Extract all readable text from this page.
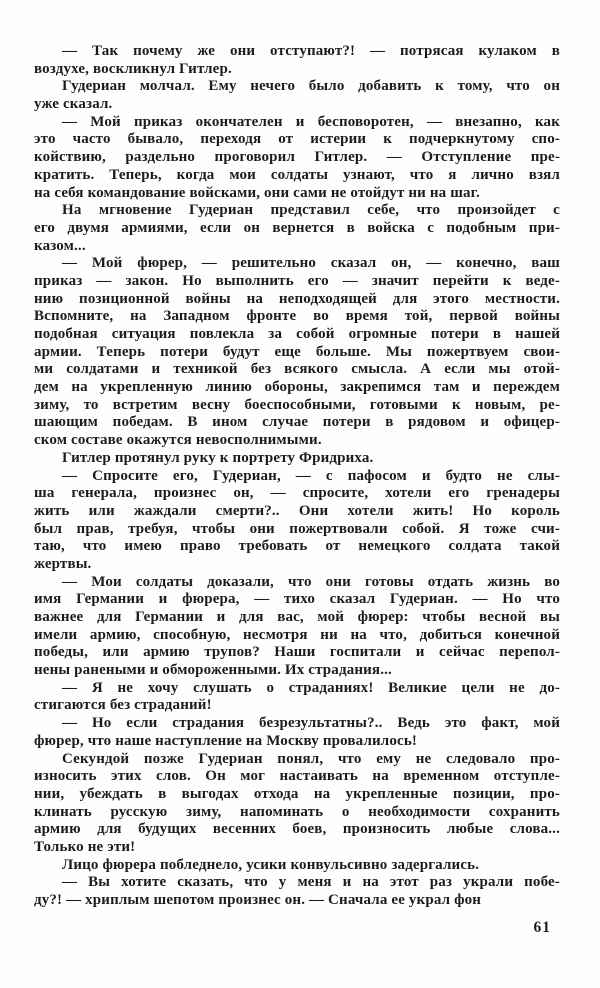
— Так почему же они отступают?! — потрясая кулаком в
воздухе, воскликнул Гитлер.
Гудериан молчал. Ему нечего было добавить к тому, что он
уже сказал.
— Мой приказ окончателен и бесповоротен, — внезапно, как
это часто бывало, переходя от истерии к подчеркнутому спо-
койствию, раздельно проговорил Гитлер. — Отступление пре-
кратить. Теперь, когда мои солдаты узнают, что я лично взял
на себя командование войсками, они сами не отойдут ни на шаг.
На мгновение Гудериан представил себе, что произойдет с
его двумя армиями, если он вернется в войска с подобным при-
казом...
— Мой фюрер, — решительно сказал он, — конечно, ваш
приказ — закон. Но выполнить его — значит перейти к веде-
нию позиционной войны на неподходящей для этого местности.
Вспомните, на Западном фронте во время той, первой войны
подобная ситуация повлекла за собой огромные потери в нашей
армии. Теперь потери будут еще больше. Мы пожертвуем свои-
ми солдатами и техникой без всякого смысла. А если мы отой-
дем на укрепленную линию обороны, закрепимся там и переждем
зиму, то встретим весну боеспособными, готовыми к новым, ре-
шающим победам. В ином случае потери в рядовом и офицер-
ском составе окажутся невосполнимыми.
Гитлер протянул руку к портрету Фридриха.
— Спросите его, Гудериан, — с пафосом и будто не слы-
ша генерала, произнес он, — спросите, хотели его гренадеры
жить или жаждали смерти?.. Они хотели жить! Но король
был прав, требуя, чтобы они пожертвовали собой. Я тоже счи-
таю, что имею право требовать от немецкого солдата такой
жертвы.
— Мои солдаты доказали, что они готовы отдать жизнь во
имя Германии и фюрера, — тихо сказал Гудериан. — Но что
важнее для Германии и для вас, мой фюрер: чтобы весной вы
имели армию, способную, несмотря ни на что, добиться конечной
победы, или армию трупов? Наши госпитали и сейчас перепол-
нены ранеными и обмороженными. Их страдания...
— Я не хочу слушать о страданиях! Великие цели не до-
стигаются без страданий!
— Но если страдания безрезультатны?.. Ведь это факт, мой
фюрер, что наше наступление на Москву провалилось!
Секундой позже Гудериан понял, что ему не следовало про-
износить этих слов. Он мог настаивать на временном отступле-
нии, убеждать в выгодах отхода на укрепленные позиции, про-
клинать русскую зиму, напоминать о необходимости сохранить
армию для будущих весенних боев, произносить любые слова...
Только не эти!
Лицо фюрера побледнело, усики конвульсивно задергались.
— Вы хотите сказать, что у меня и на этот раз украли побе-
ду?! — хриплым шепотом произнес он. — Сначала ее украл фон
61
